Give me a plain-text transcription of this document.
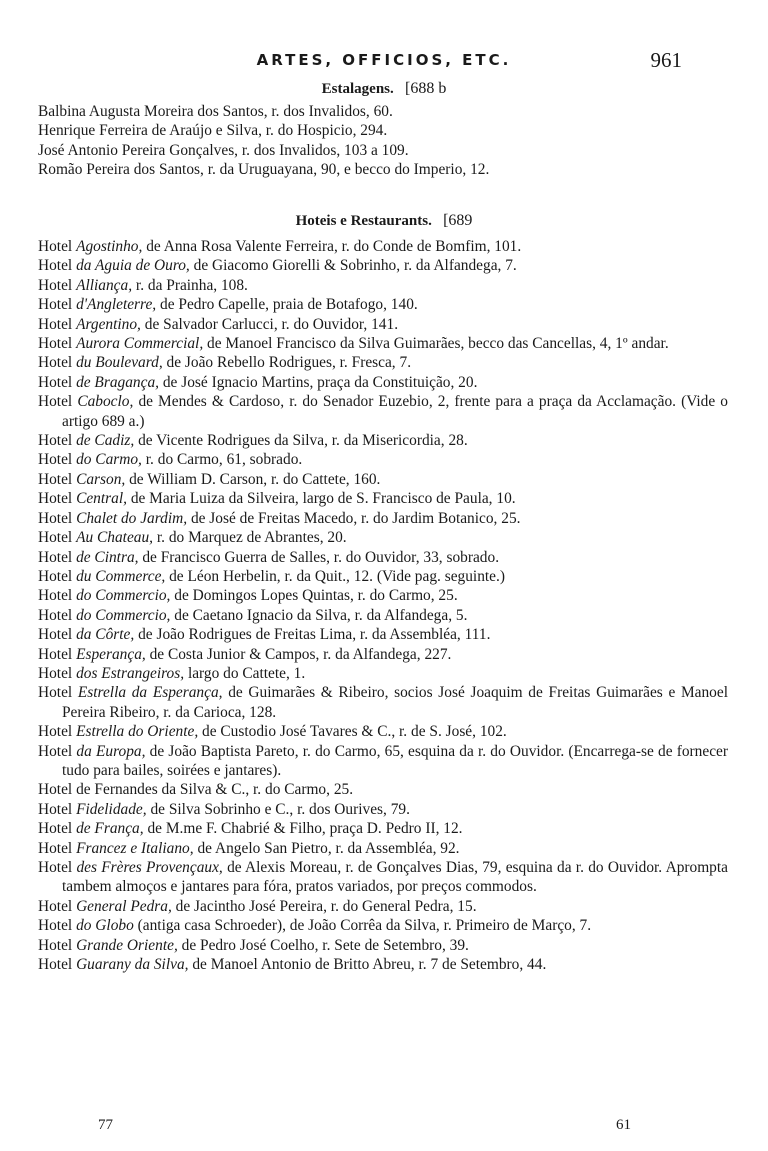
ARTES, OFFICIOS, ETC.	961
Estalagens. [688 b
Balbina Augusta Moreira dos Santos, r. dos Invalidos, 60.
Henrique Ferreira de Araújo e Silva, r. do Hospicio, 294.
José Antonio Pereira Gonçalves, r. dos Invalidos, 103 a 109.
Romão Pereira dos Santos, r. da Uruguayana, 90, e becco do Imperio, 12.
Hoteis e Restaurants. [689
Hotel Agostinho, de Anna Rosa Valente Ferreira, r. do Conde de Bomfim, 101.
Hotel da Aguia de Ouro, de Giacomo Giorelli & Sobrinho, r. da Alfandega, 7.
Hotel Alliança, r. da Prainha, 108.
Hotel d'Angleterre, de Pedro Capelle, praia de Botafogo, 140.
Hotel Argentino, de Salvador Carlucci, r. do Ouvidor, 141.
Hotel Aurora Commercial, de Manoel Francisco da Silva Guimarães, becco das Cancellas, 4, 1º andar.
Hotel du Boulevard, de João Rebello Rodrigues, r. Fresca, 7.
Hotel de Bragança, de José Ignacio Martins, praça da Constituição, 20.
Hotel Caboclo, de Mendes & Cardoso, r. do Senador Euzebio, 2, frente para a praça da Acclamação. (Vide o artigo 689 a.)
Hotel de Cadiz, de Vicente Rodrigues da Silva, r. da Misericordia, 28.
Hotel do Carmo, r. do Carmo, 61, sobrado.
Hotel Carson, de William D. Carson, r. do Cattete, 160.
Hotel Central, de Maria Luiza da Silveira, largo de S. Francisco de Paula, 10.
Hotel Chalet do Jardim, de José de Freitas Macedo, r. do Jardim Botanico, 25.
Hotel Au Chateau, r. do Marquez de Abrantes, 20.
Hotel de Cintra, de Francisco Guerra de Salles, r. do Ouvidor, 33, sobrado.
Hotel du Commerce, de Léon Herbelin, r. da Quit., 12. (Vide pag. seguinte.)
Hotel do Commercio, de Domingos Lopes Quintas, r. do Carmo, 25.
Hotel do Commercio, de Caetano Ignacio da Silva, r. da Alfandega, 5.
Hotel da Côrte, de João Rodrigues de Freitas Lima, r. da Assembléa, 111.
Hotel Esperança, de Costa Junior & Campos, r. da Alfandega, 227.
Hotel dos Estrangeiros, largo do Cattete, 1.
Hotel Estrella da Esperança, de Guimarães & Ribeiro, socios José Joaquim de Freitas Guimarães e Manoel Pereira Ribeiro, r. da Carioca, 128.
Hotel Estrella do Oriente, de Custodio José Tavares & C., r. de S. José, 102.
Hotel da Europa, de João Baptista Pareto, r. do Carmo, 65, esquina da r. do Ouvidor. (Encarrega-se de fornecer tudo para bailes, soirées e jantares).
Hotel de Fernandes da Silva & C., r. do Carmo, 25.
Hotel Fidelidade, de Silva Sobrinho e C., r. dos Ourives, 79.
Hotel de França, de M.me F. Chabrié & Filho, praça D. Pedro II, 12.
Hotel Francez e Italiano, de Angelo San Pietro, r. da Assembléa, 92.
Hotel des Frères Provençaux, de Alexis Moreau, r. de Gonçalves Dias, 79, esquina da r. do Ouvidor. Apromptа tambem almoços e jantares para fóra, pratos variados, por preços commodos.
Hotel General Pedra, de Jacintho José Pereira, r. do General Pedra, 15.
Hotel do Globo (antiga casa Schroeder), de João Corrêa da Silva, r. Primeiro de Março, 7.
Hotel Grande Oriente, de Pedro José Coelho, r. Sete de Setembro, 39.
Hotel Guarany da Silva, de Manoel Antonio de Britto Abreu, r. 7 de Setembro, 44.
77	61
